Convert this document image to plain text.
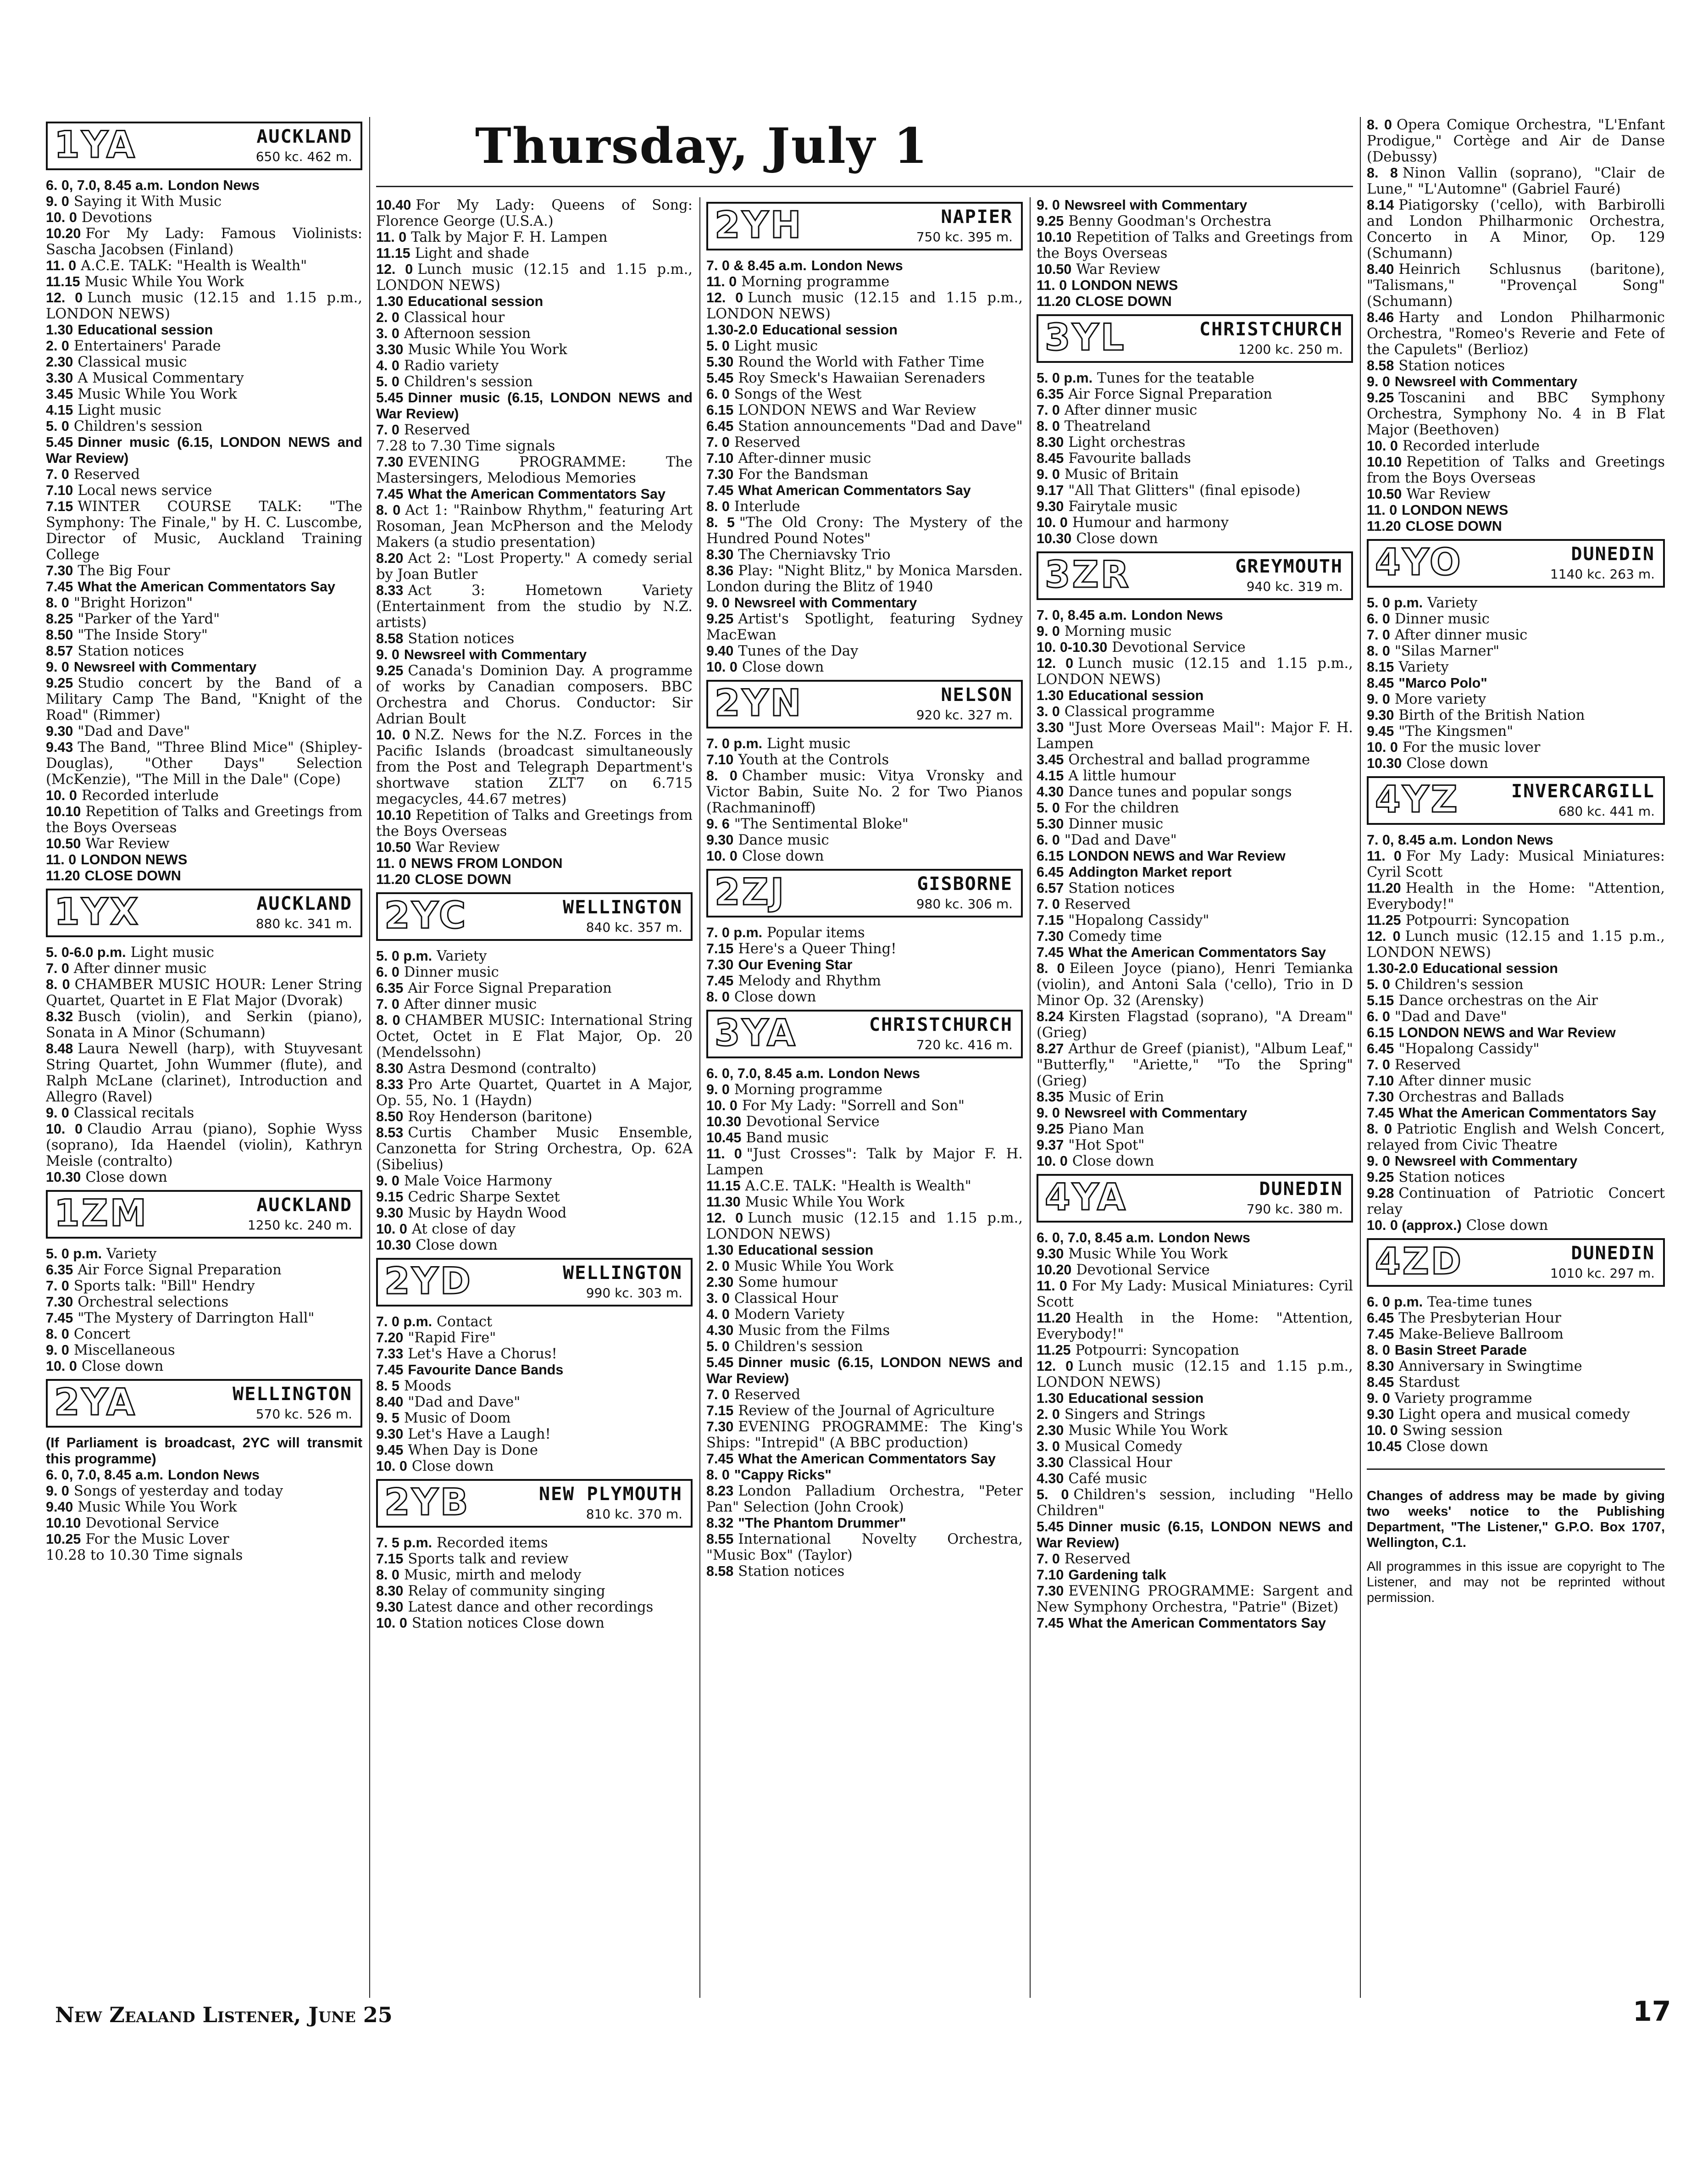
Thursday, July 1
1YA	AUCKLAND
650 kc. 462 m.

6. 0, 7.0, 8.45 a.m. London News

9. 0 Saying it With Music

10. 0 Devotions

10.20 For My Lady: Famous Violinists: Sascha Jacobsen (Finland)

11. 0 A.C.E. TALK: "Health is Wealth"

11.15 Music While You Work

12. 0 Lunch music (12.15 and 1.15 p.m., LONDON NEWS)

1.30 Educational session

2. 0 Entertainers' Parade

2.30 Classical music

3.30 A Musical Commentary

3.45 Music While You Work

4.15 Light music

5. 0 Children's session

5.45 Dinner music (6.15, LONDON NEWS and War Review)

7. 0 Reserved

7.10 Local news service

7.15 WINTER COURSE TALK: "The Symphony: The Finale," by H. C. Luscombe, Director of Music, Auckland Training College

7.30 The Big Four

7.45 What the American Commentators Say

8. 0 "Bright Horizon"

8.25 "Parker of the Yard"

8.50 "The Inside Story"

8.57 Station notices

9. 0 Newsreel with Commentary

9.25 Studio concert by the Band of a Military Camp The Band, "Knight of the Road" (Rimmer)

9.30 "Dad and Dave"

9.43 The Band, "Three Blind Mice" (Shipley-Douglas), "Other Days" Selection (McKenzie), "The Mill in the Dale" (Cope)

10. 0 Recorded interlude

10.10 Repetition of Talks and Greetings from the Boys Overseas

10.50 War Review

11. 0 LONDON NEWS

11.20 CLOSE DOWN

1YX	AUCKLAND
880 kc. 341 m.

5. 0-6.0 p.m. Light music

7. 0 After dinner music

8. 0 CHAMBER MUSIC HOUR: Lener String Quartet, Quartet in E Flat Major (Dvorak)

8.32 Busch (violin), and Serkin (piano), Sonata in A Minor (Schumann)

8.48 Laura Newell (harp), with Stuyvesant String Quartet, John Wummer (flute), and Ralph McLane (clarinet), Introduction and Allegro (Ravel)

9. 0 Classical recitals

10. 0 Claudio Arrau (piano), Sophie Wyss (soprano), Ida Haendel (violin), Kathryn Meisle (contralto)

10.30 Close down

1ZM	AUCKLAND
1250 kc. 240 m.

5. 0 p.m. Variety

6.35 Air Force Signal Preparation

7. 0 Sports talk: "Bill" Hendry

7.30 Orchestral selections

7.45 "The Mystery of Darrington Hall"

8. 0 Concert

9. 0 Miscellaneous

10. 0 Close down

2YA	WELLINGTON
570 kc. 526 m.

(If Parliament is broadcast, 2YC will transmit this programme)

6. 0, 7.0, 8.45 a.m. London News

9. 0 Songs of yesterday and today

9.40 Music While You Work

10.10 Devotional Service

10.25 For the Music Lover

10.28 to 10.30 Time signals

10.40 For My Lady: Queens of Song: Florence George (U.S.A.)

11. 0 Talk by Major F. H. Lampen

11.15 Light and shade

12. 0 Lunch music (12.15 and 1.15 p.m., LONDON NEWS)

1.30 Educational session

2. 0 Classical hour

3. 0 Afternoon session

3.30 Music While You Work

4. 0 Radio variety

5. 0 Children's session

5.45 Dinner music (6.15, LONDON NEWS and War Review)

7. 0 Reserved

7.28 to 7.30 Time signals

7.30 EVENING PROGRAMME: The Mastersingers, Melodious Memories

7.45 What the American Commentators Say

8. 0 Act 1: "Rainbow Rhythm," featuring Art Rosoman, Jean McPherson and the Melody Makers (a studio presentation)

8.20 Act 2: "Lost Property." A comedy serial by Joan Butler

8.33 Act 3: Hometown Variety (Entertainment from the studio by N.Z. artists)

8.58 Station notices

9. 0 Newsreel with Commentary

9.25 Canada's Dominion Day. A programme of works by Canadian composers. BBC Orchestra and Chorus. Conductor: Sir Adrian Boult

10. 0 N.Z. News for the N.Z. Forces in the Pacific Islands (broadcast simultaneously from the Post and Telegraph Department's shortwave station ZLT7 on 6.715 megacycles, 44.67 metres)

10.10 Repetition of Talks and Greetings from the Boys Overseas

10.50 War Review

11. 0 NEWS FROM LONDON

11.20 CLOSE DOWN

2YC	WELLINGTON
840 kc. 357 m.

5. 0 p.m. Variety

6. 0 Dinner music

6.35 Air Force Signal Preparation

7. 0 After dinner music

8. 0 CHAMBER MUSIC: International String Octet, Octet in E Flat Major, Op. 20 (Mendelssohn)

8.30 Astra Desmond (contralto)

8.33 Pro Arte Quartet, Quartet in A Major, Op. 55, No. 1 (Haydn)

8.50 Roy Henderson (baritone)

8.53 Curtis Chamber Music Ensemble, Canzonetta for String Orchestra, Op. 62A (Sibelius)

9. 0 Male Voice Harmony

9.15 Cedric Sharpe Sextet

9.30 Music by Haydn Wood

10. 0 At close of day

10.30 Close down

2YD	WELLINGTON
990 kc. 303 m.

7. 0 p.m. Contact

7.20 "Rapid Fire"

7.33 Let's Have a Chorus!

7.45 Favourite Dance Bands

8. 5 Moods

8.40 "Dad and Dave"

9. 5 Music of Doom

9.30 Let's Have a Laugh!

9.45 When Day is Done

10. 0 Close down

2YB	NEW PLYMOUTH
810 kc. 370 m.

7. 5 p.m. Recorded items

7.15 Sports talk and review

8. 0 Music, mirth and melody

8.30 Relay of community singing

9.30 Latest dance and other recordings

10. 0 Station notices Close down

2YH	NAPIER
750 kc. 395 m.

7. 0 & 8.45 a.m. London News

11. 0 Morning programme

12. 0 Lunch music (12.15 and 1.15 p.m., LONDON NEWS)

1.30-2.0 Educational session

5. 0 Light music

5.30 Round the World with Father Time

5.45 Roy Smeck's Hawaiian Serenaders

6. 0 Songs of the West

6.15 LONDON NEWS and War Review

6.45 Station announcements "Dad and Dave"

7. 0 Reserved

7.10 After-dinner music

7.30 For the Bandsman

7.45 What American Commentators Say

8. 0 Interlude

8. 5 "The Old Crony: The Mystery of the Hundred Pound Notes"

8.30 The Cherniavsky Trio

8.36 Play: "Night Blitz," by Monica Marsden. London during the Blitz of 1940

9. 0 Newsreel with Commentary

9.25 Artist's Spotlight, featuring Sydney MacEwan

9.40 Tunes of the Day

10. 0 Close down

2YN	NELSON
920 kc. 327 m.

7. 0 p.m. Light music

7.10 Youth at the Controls

8. 0 Chamber music: Vitya Vronsky and Victor Babin, Suite No. 2 for Two Pianos (Rachmaninoff)

9. 6 "The Sentimental Bloke"

9.30 Dance music

10. 0 Close down

2ZJ	GISBORNE
980 kc. 306 m.

7. 0 p.m. Popular items

7.15 Here's a Queer Thing!

7.30 Our Evening Star

7.45 Melody and Rhythm

8. 0 Close down

3YA	CHRISTCHURCH
720 kc. 416 m.

6. 0, 7.0, 8.45 a.m. London News

9. 0 Morning programme

10. 0 For My Lady: "Sorrell and Son"

10.30 Devotional Service

10.45 Band music

11. 0 "Just Crosses": Talk by Major F. H. Lampen

11.15 A.C.E. TALK: "Health is Wealth"

11.30 Music While You Work

12. 0 Lunch music (12.15 and 1.15 p.m., LONDON NEWS)

1.30 Educational session

2. 0 Music While You Work

2.30 Some humour

3. 0 Classical Hour

4. 0 Modern Variety

4.30 Music from the Films

5. 0 Children's session

5.45 Dinner music (6.15, LONDON NEWS and War Review)

7. 0 Reserved

7.15 Review of the Journal of Agriculture

7.30 EVENING PROGRAMME: The King's Ships: "Intrepid" (A BBC production)

7.45 What the American Commentators Say

8. 0 "Cappy Ricks"

8.23 London Palladium Orchestra, "Peter Pan" Selection (John Crook)

8.32 "The Phantom Drummer"

8.55 International Novelty Orchestra, "Music Box" (Taylor)

8.58 Station notices

9. 0 Newsreel with Commentary

9.25 Benny Goodman's Orchestra

10.10 Repetition of Talks and Greetings from the Boys Overseas

10.50 War Review

11. 0 LONDON NEWS

11.20 CLOSE DOWN

3YL	CHRISTCHURCH
1200 kc. 250 m.

5. 0 p.m. Tunes for the teatable

6.35 Air Force Signal Preparation

7. 0 After dinner music

8. 0 Theatreland

8.30 Light orchestras

8.45 Favourite ballads

9. 0 Music of Britain

9.17 "All That Glitters" (final episode)

9.30 Fairytale music

10. 0 Humour and harmony

10.30 Close down

3ZR	GREYMOUTH
940 kc. 319 m.

7. 0, 8.45 a.m. London News

9. 0 Morning music

10. 0-10.30 Devotional Service

12. 0 Lunch music (12.15 and 1.15 p.m., LONDON NEWS)

1.30 Educational session

3. 0 Classical programme

3.30 "Just More Overseas Mail": Major F. H. Lampen

3.45 Orchestral and ballad programme

4.15 A little humour

4.30 Dance tunes and popular songs

5. 0 For the children

5.30 Dinner music

6. 0 "Dad and Dave"

6.15 LONDON NEWS and War Review

6.45 Addington Market report

6.57 Station notices

7. 0 Reserved

7.15 "Hopalong Cassidy"

7.30 Comedy time

7.45 What the American Commentators Say

8. 0 Eileen Joyce (piano), Henri Temianka (violin), and Antoni Sala ('cello), Trio in D Minor Op. 32 (Arensky)

8.24 Kirsten Flagstad (soprano), "A Dream" (Grieg)

8.27 Arthur de Greef (pianist), "Album Leaf," "Butterfly," "Ariette," "To the Spring" (Grieg)

8.35 Music of Erin

9. 0 Newsreel with Commentary

9.25 Piano Man

9.37 "Hot Spot"

10. 0 Close down

4YA	DUNEDIN
790 kc. 380 m.

6. 0, 7.0, 8.45 a.m. London News

9.30 Music While You Work

10.20 Devotional Service

11. 0 For My Lady: Musical Miniatures: Cyril Scott

11.20 Health in the Home: "Attention, Everybody!"

11.25 Potpourri: Syncopation

12. 0 Lunch music (12.15 and 1.15 p.m., LONDON NEWS)

1.30 Educational session

2. 0 Singers and Strings

2.30 Music While You Work

3. 0 Musical Comedy

3.30 Classical Hour

4.30 Café music

5. 0 Children's session, including "Hello Children"

5.45 Dinner music (6.15, LONDON NEWS and War Review)

7. 0 Reserved

7.10 Gardening talk

7.30 EVENING PROGRAMME: Sargent and New Symphony Orchestra, "Patrie" (Bizet)

7.45 What the American Commentators Say

8. 0 Opera Comique Orchestra, "L'Enfant Prodigue," Cortège and Air de Danse (Debussy)

8. 8 Ninon Vallin (soprano), "Clair de Lune," "L'Automne" (Gabriel Fauré)

8.14 Piatigorsky ('cello), with Barbirolli and London Philharmonic Orchestra, Concerto in A Minor, Op. 129 (Schumann)

8.40 Heinrich Schlusnus (baritone), "Talismans," "Provençal Song" (Schumann)

8.46 Harty and London Philharmonic Orchestra, "Romeo's Reverie and Fete of the Capulets" (Berlioz)

8.58 Station notices

9. 0 Newsreel with Commentary

9.25 Toscanini and BBC Symphony Orchestra, Symphony No. 4 in B Flat Major (Beethoven)

10. 0 Recorded interlude

10.10 Repetition of Talks and Greetings from the Boys Overseas

10.50 War Review

11. 0 LONDON NEWS

11.20 CLOSE DOWN

4YO	DUNEDIN
1140 kc. 263 m.

5. 0 p.m. Variety

6. 0 Dinner music

7. 0 After dinner music

8. 0 "Silas Marner"

8.15 Variety

8.45 "Marco Polo"

9. 0 More variety

9.30 Birth of the British Nation

9.45 "The Kingsmen"

10. 0 For the music lover

10.30 Close down

4YZ	INVERCARGILL
680 kc. 441 m.

7. 0, 8.45 a.m. London News

11. 0 For My Lady: Musical Miniatures: Cyril Scott

11.20 Health in the Home: "Attention, Everybody!"

11.25 Potpourri: Syncopation

12. 0 Lunch music (12.15 and 1.15 p.m., LONDON NEWS)

1.30-2.0 Educational session

5. 0 Children's session

5.15 Dance orchestras on the Air

6. 0 "Dad and Dave"

6.15 LONDON NEWS and War Review

6.45 "Hopalong Cassidy"

7. 0 Reserved

7.10 After dinner music

7.30 Orchestras and Ballads

7.45 What the American Commentators Say

8. 0 Patriotic English and Welsh Concert, relayed from Civic Theatre

9. 0 Newsreel with Commentary

9.25 Station notices

9.28 Continuation of Patriotic Concert relay

10. 0 (approx.) Close down

4ZD	DUNEDIN
1010 kc. 297 m.

6. 0 p.m. Tea-time tunes

6.45 The Presbyterian Hour

7.45 Make-Believe Ballroom

8. 0 Basin Street Parade

8.30 Anniversary in Swingtime

8.45 Stardust

9. 0 Variety programme

9.30 Light opera and musical comedy

10. 0 Swing session

10.45 Close down

Changes of address may be made by giving two weeks' notice to the Publishing Department, "The Listener," G.P.O. Box 1707, Wellington, C.1.

All programmes in this issue are copyright to The Listener, and may not be reprinted without permission.

New Zealand Listener, June 25	17
